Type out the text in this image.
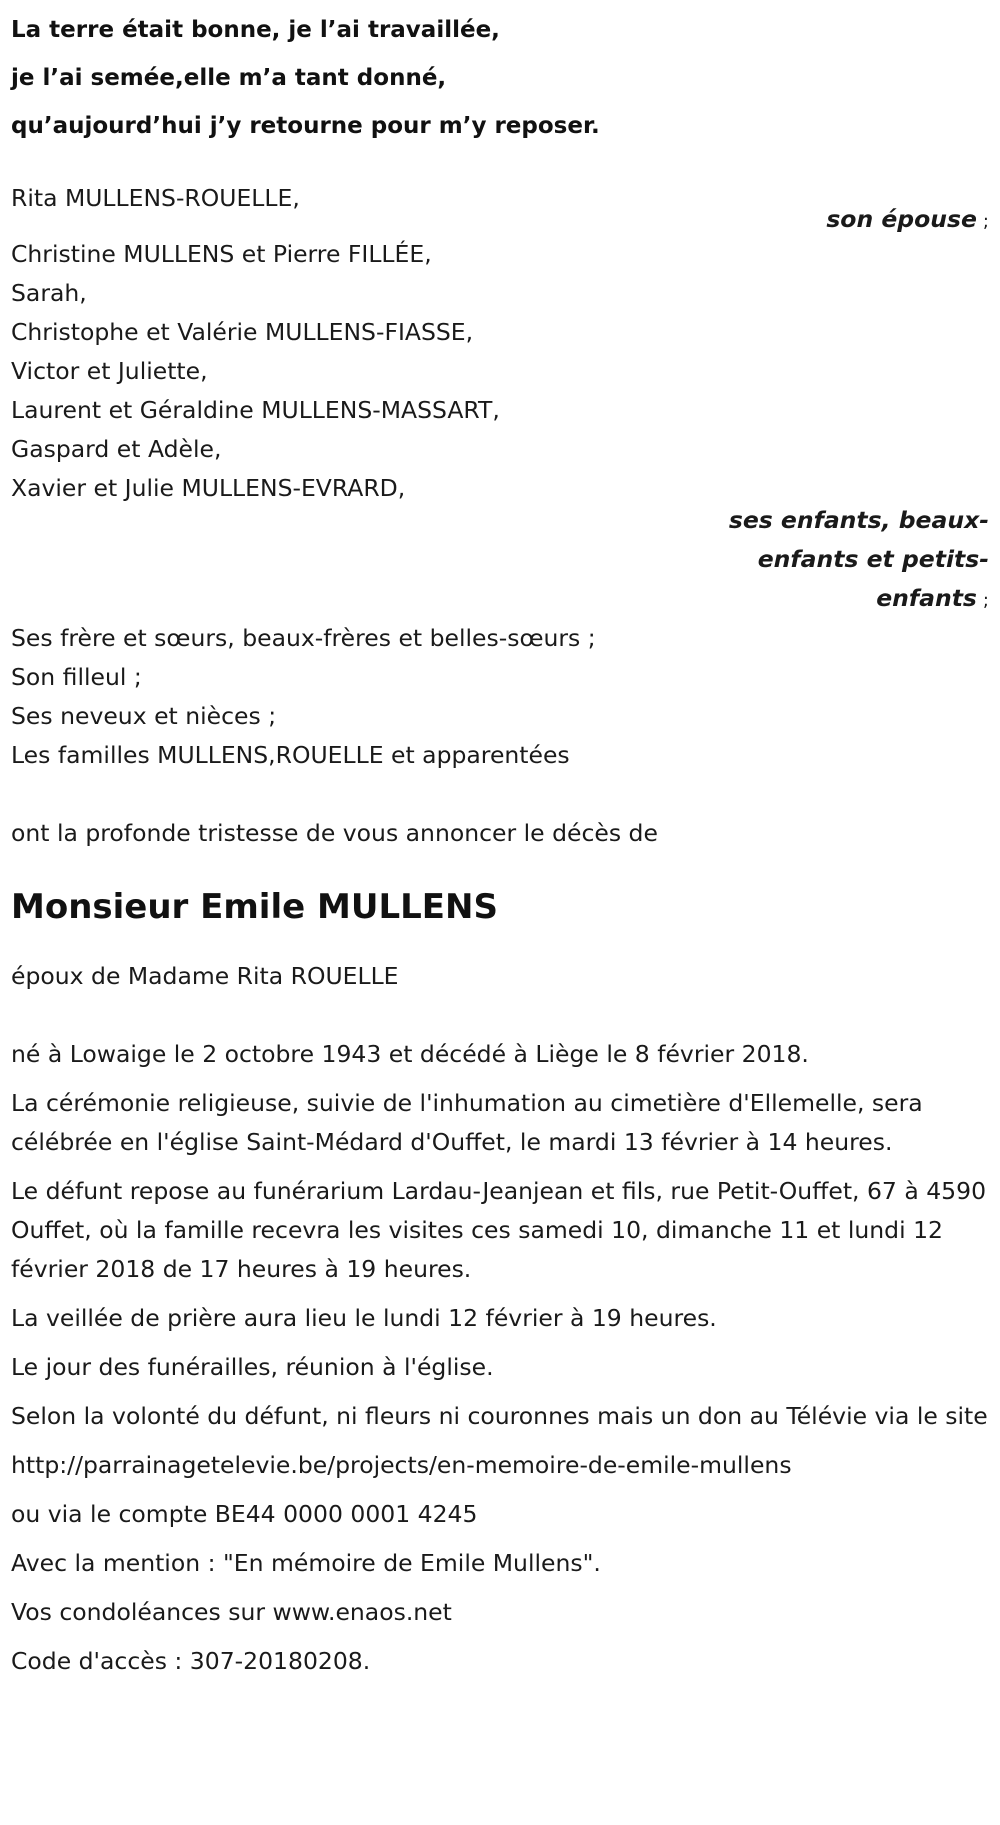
La terre était bonne, je l’ai travaillée,

je l’ai semée,elle m’a tant donné,

qu’aujourd’hui j’y retourne pour m’y reposer.

Rita MULLENS-ROUELLE,

son épouse ;

Christine MULLENS et Pierre FILLÉE,

Sarah,

Christophe et Valérie MULLENS-FIASSE,

Victor et Juliette,

Laurent et Géraldine MULLENS-MASSART,

Gaspard et Adèle,

Xavier et Julie MULLENS-EVRARD,

ses enfants, beaux-

enfants et petits-

enfants ;

Ses frère et sœurs, beaux-frères et belles-sœurs ;

Son filleul ;

Ses neveux et nièces ;

Les familles MULLENS,ROUELLE et apparentées

ont la profonde tristesse de vous annoncer le décès de

Monsieur Emile MULLENS

époux de Madame Rita ROUELLE

né à Lowaige le 2 octobre 1943 et décédé à Liège le 8 février 2018.

La cérémonie religieuse, suivie de l'inhumation au cimetière d'Ellemelle, sera célébrée en l'église Saint-Médard d'Ouffet, le mardi 13 février à 14 heures.

Le défunt repose au funérarium Lardau-Jeanjean et fils, rue Petit-Ouffet, 67 à 4590 Ouffet, où la famille recevra les visites ces samedi 10, dimanche 11 et lundi 12 février 2018 de 17 heures à 19 heures.

La veillée de prière aura lieu le lundi 12 février à 19 heures.

Le jour des funérailles, réunion à l'église.

Selon la volonté du défunt, ni fleurs ni couronnes mais un don au Télévie via le site

http://parrainagetelevie.be/projects/en-memoire-de-emile-mullens

ou via le compte BE44 0000 0001 4245

Avec la mention : "En mémoire de Emile Mullens".

Vos condoléances sur www.enaos.net

Code d'accès : 307-20180208.
